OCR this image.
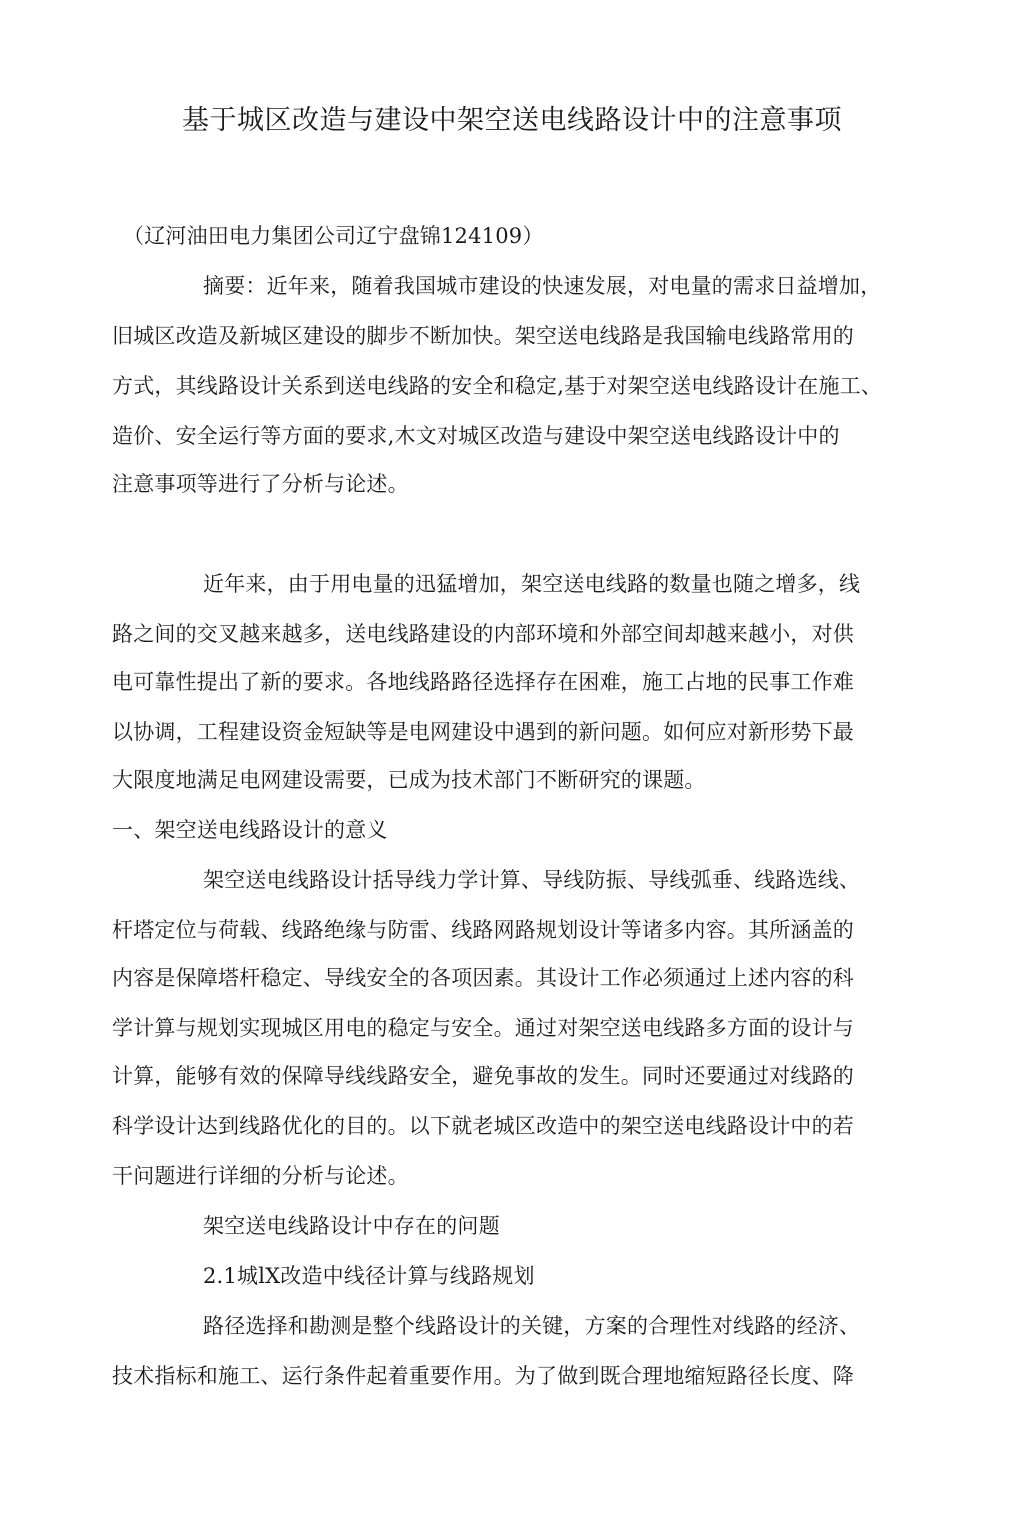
基于城区改造与建设中架空送电线路设计中的注意事项
（辽河油田电力集团公司辽宁盘锦124109）
摘要：近年来，随着我国城市建设的快速发展，对电量的需求日益增加，
旧城区改造及新城区建设的脚步不断加快。架空送电线路是我国输电线路常用的
方式，其线路设计关系到送电线路的安全和稳定,基于对架空送电线路设计在施工、
造价、安全运行等方面的要求,木文对城区改造与建设中架空送电线路设计中的
注意事项等进行了分析与论述。
近年来，由于用电量的迅猛增加，架空送电线路的数量也随之增多，线
路之间的交叉越来越多，送电线路建设的内部环境和外部空间却越来越小，对供
电可靠性提出了新的要求。各地线路路径选择存在困难，施工占地的民事工作难
以协调，工程建设资金短缺等是电网建设中遇到的新问题。如何应对新形势下最
大限度地满足电网建设需要，已成为技术部门不断研究的课题。
一、架空送电线路设计的意义
架空送电线路设计括导线力学计算、导线防振、导线弧垂、线路选线、
杆塔定位与荷载、线路绝缘与防雷、线路网路规划设计等诸多内容。其所涵盖的
内容是保障塔杆稳定、导线安全的各项因素。其设计工作必须通过上述内容的科
学计算与规划实现城区用电的稳定与安全。通过对架空送电线路多方面的设计与
计算，能够有效的保障导线线路安全，避免事故的发生。同时还要通过对线路的
科学设计达到线路优化的目的。以下就老城区改造中的架空送电线路设计中的若
干问题进行详细的分析与论述。
架空送电线路设计中存在的问题
2.1城lX改造中线径计算与线路规划
路径选择和勘测是整个线路设计的关键，方案的合理性对线路的经济、
技术指标和施工、运行条件起着重要作用。为了做到既合理地缩短路径长度、降
